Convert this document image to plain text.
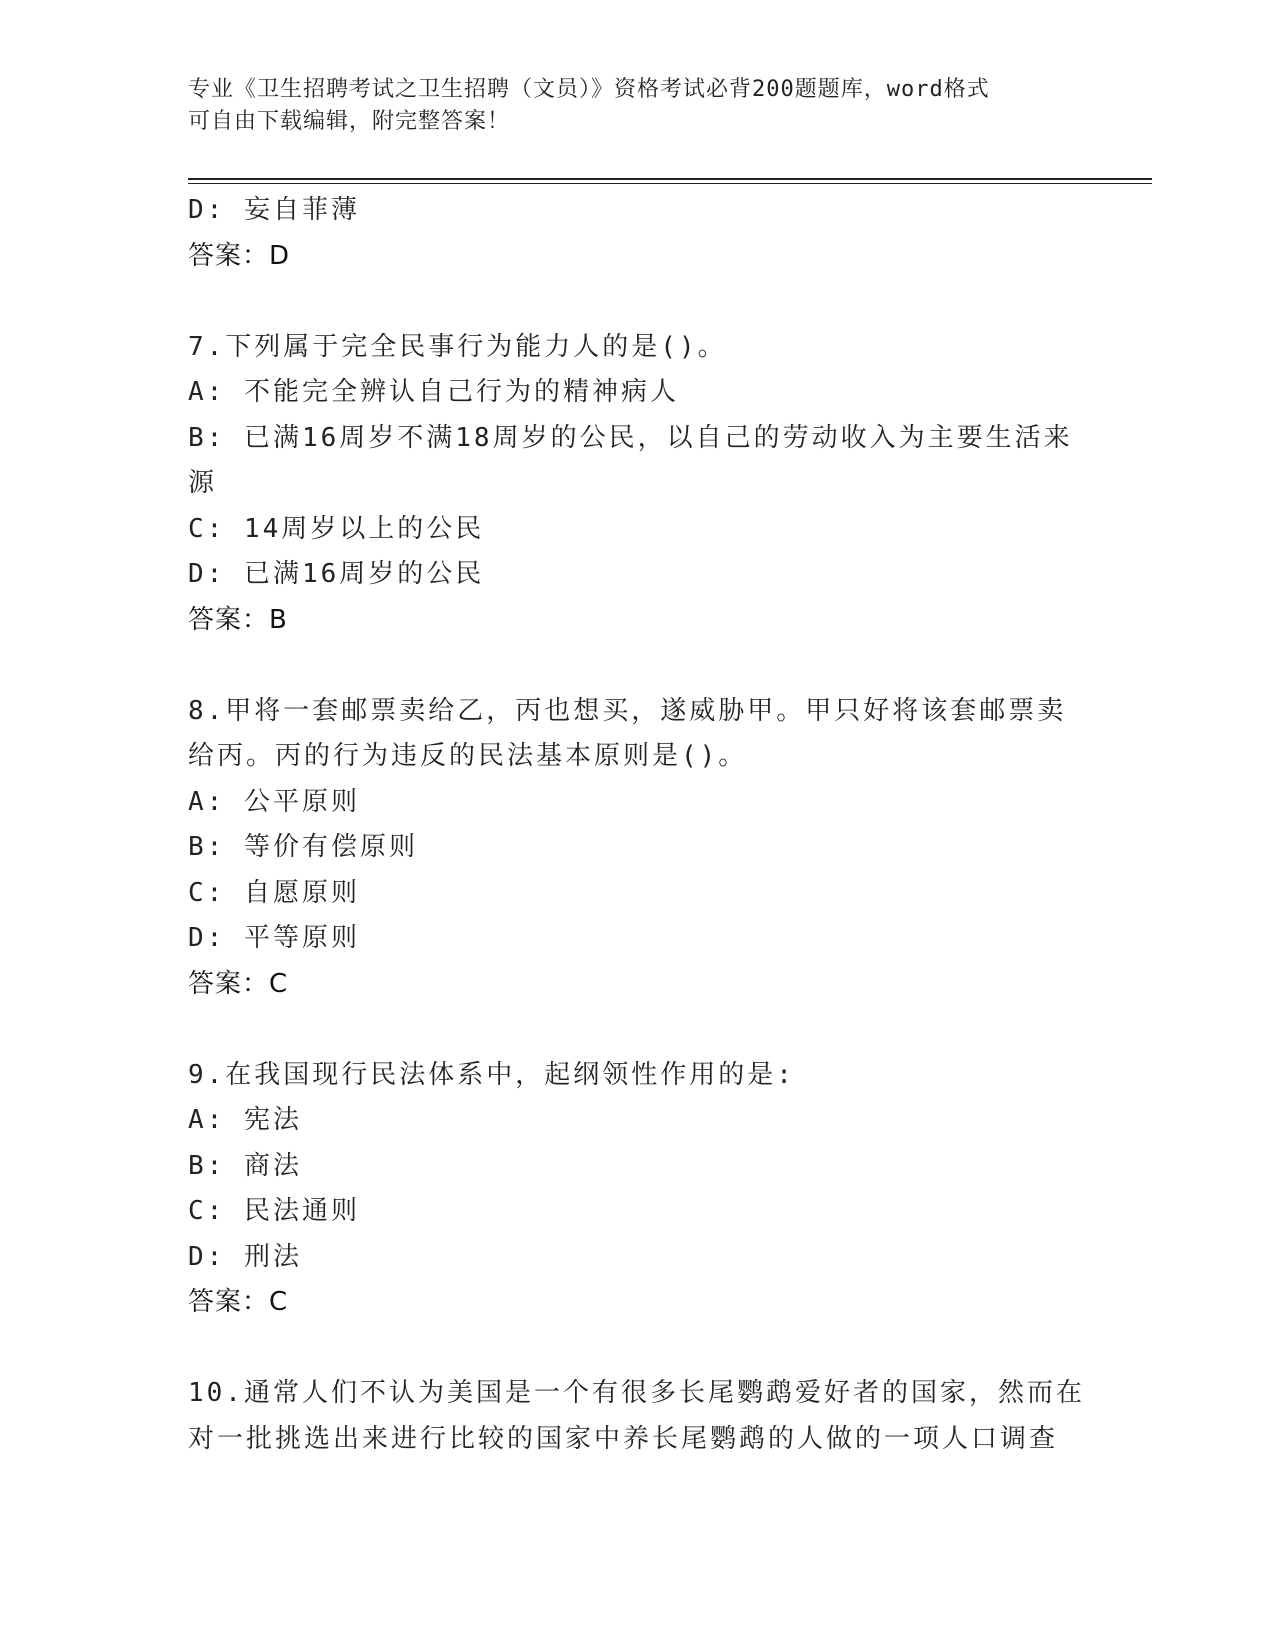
专业《卫生招聘考试之卫生招聘（文员）》资格考试必背200题题库，word格式
可自由下载编辑，附完整答案！
D: 妄自菲薄
答案：D
7.下列属于完全民事行为能力人的是()。
A: 不能完全辨认自己行为的精神病人
B: 已满16周岁不满18周岁的公民，以自己的劳动收入为主要生活来
源
C: 14周岁以上的公民
D: 已满16周岁的公民
答案：B
8.甲将一套邮票卖给乙，丙也想买，遂威胁甲。甲只好将该套邮票卖
给丙。丙的行为违反的民法基本原则是()。
A: 公平原则
B: 等价有偿原则
C: 自愿原则
D: 平等原则
答案：C
9.在我国现行民法体系中，起纲领性作用的是:
A: 宪法
B: 商法
C: 民法通则
D: 刑法
答案：C
10.通常人们不认为美国是一个有很多长尾鹦鹉爱好者的国家，然而在
对一批挑选出来进行比较的国家中养长尾鹦鹉的人做的一项人口调查
